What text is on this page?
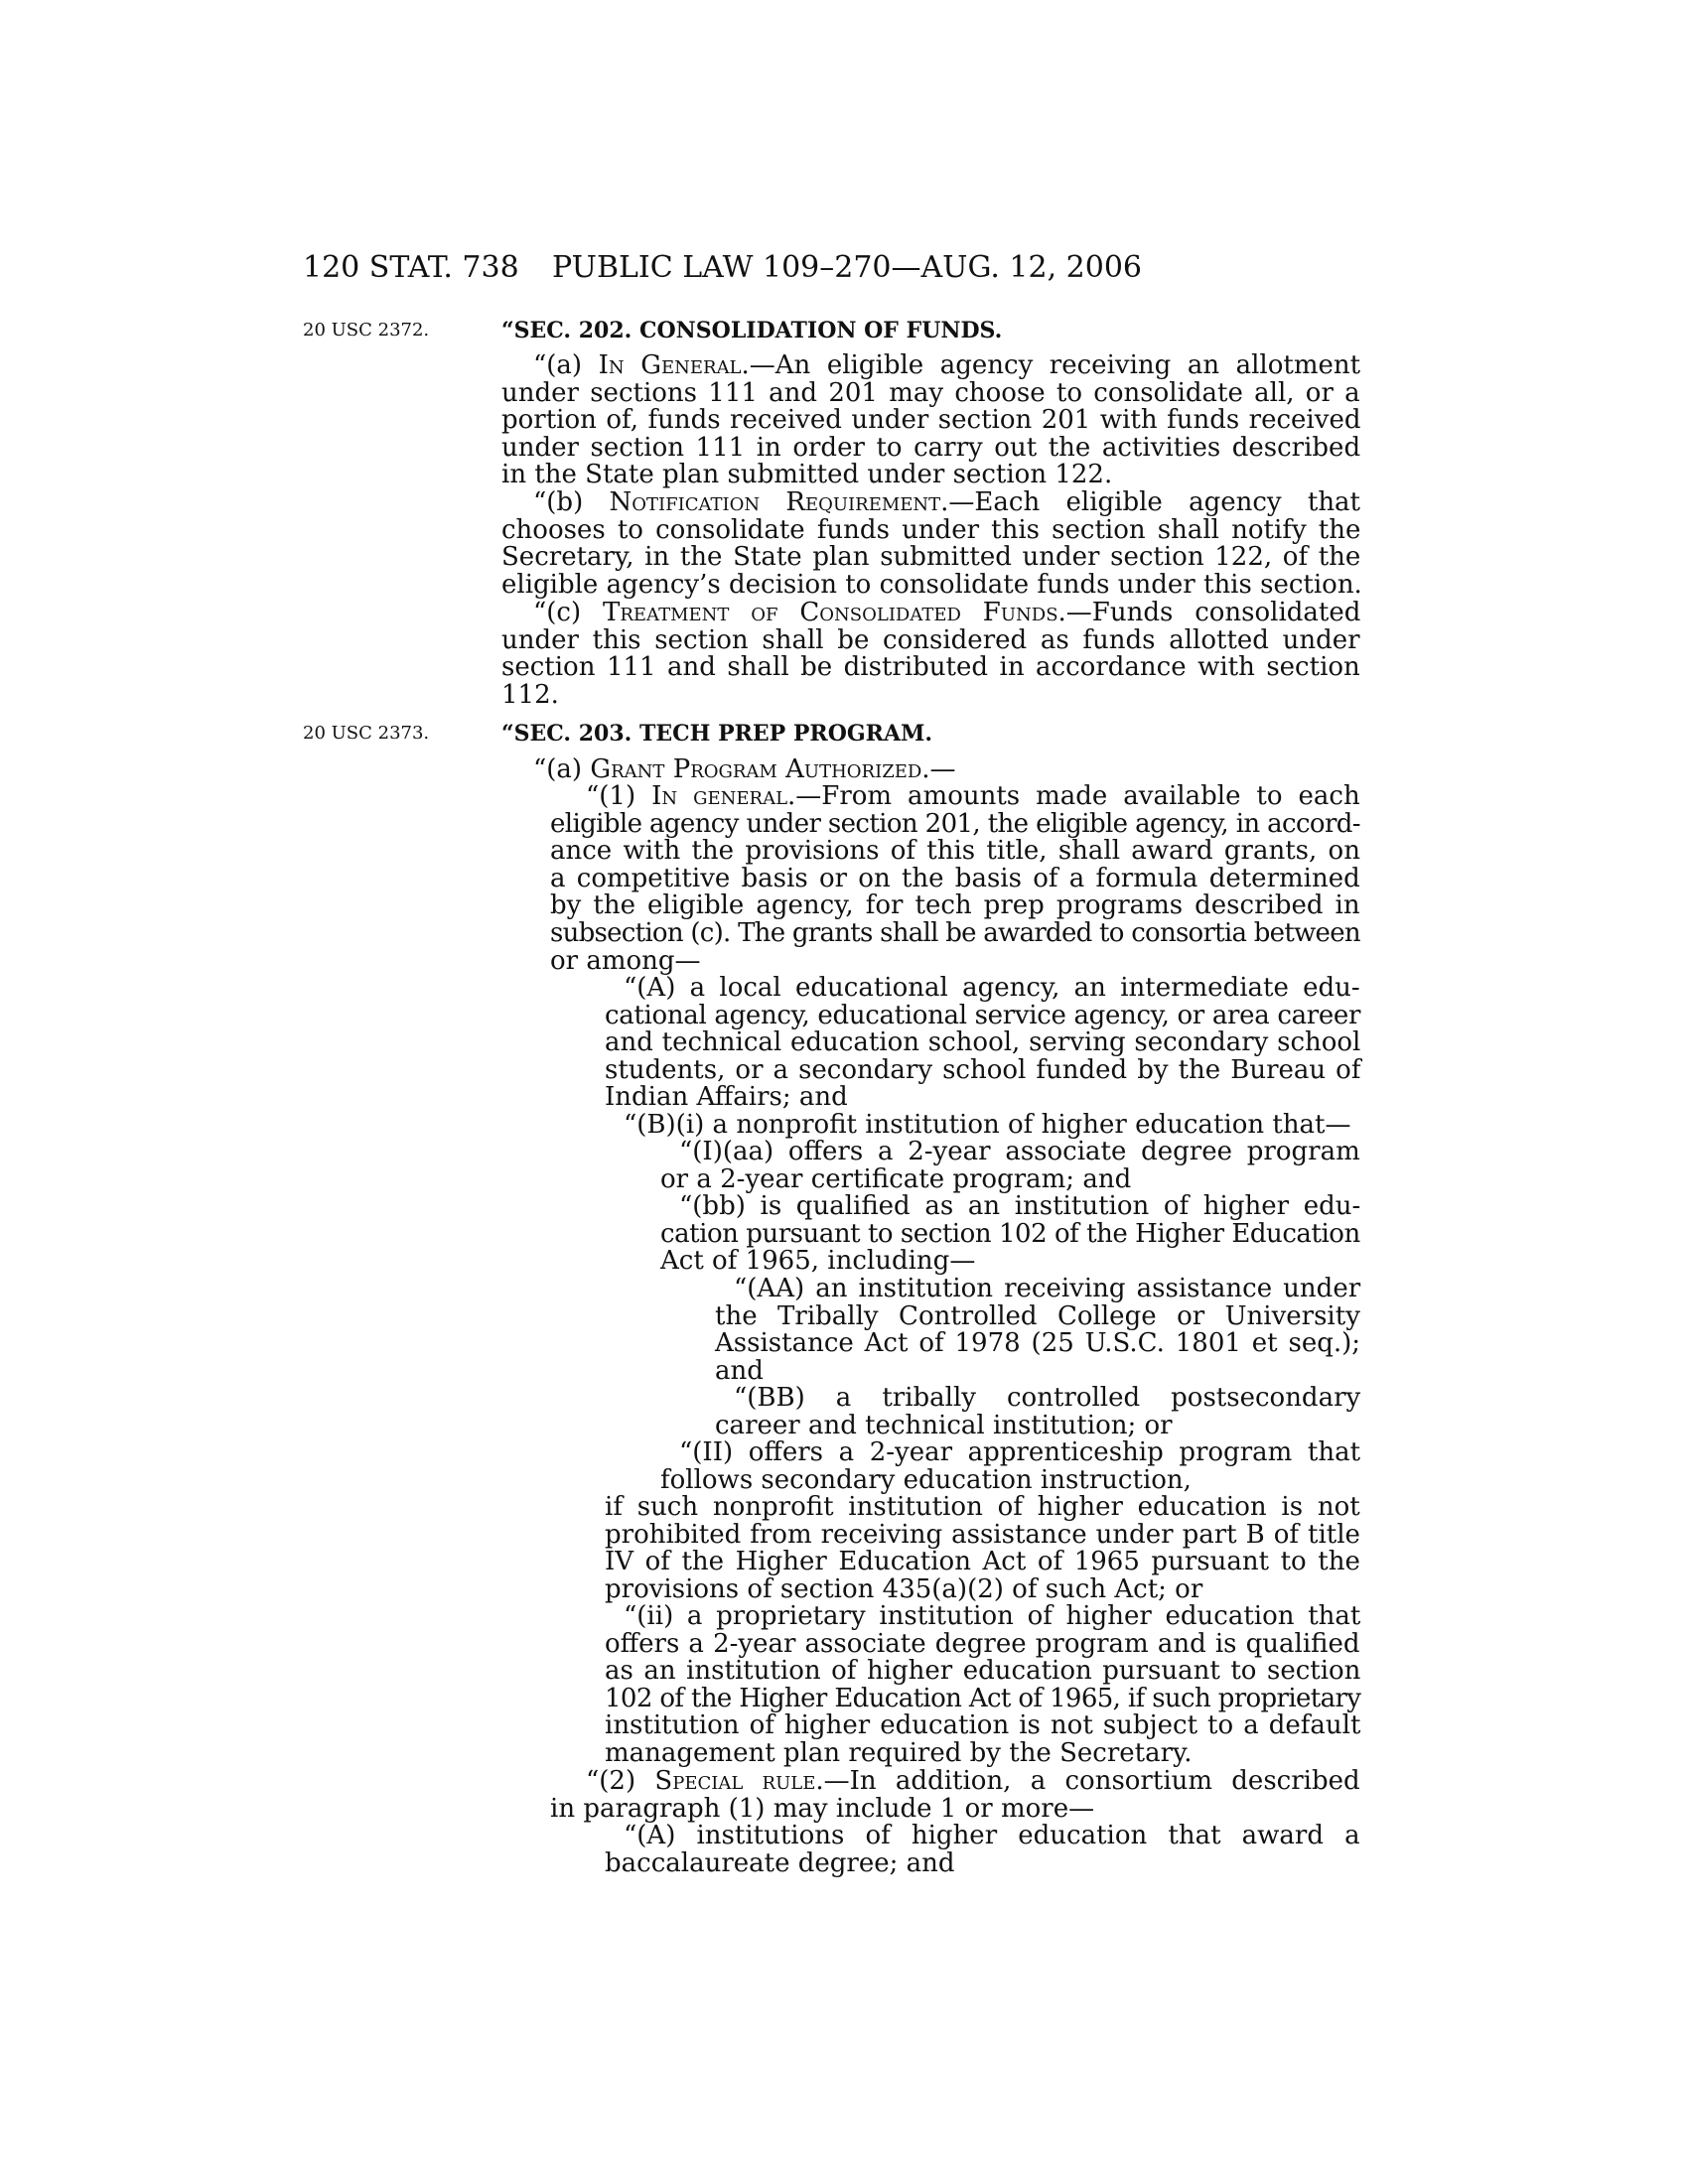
120 STAT. 738 PUBLIC LAW 109–270—AUG. 12, 2006
20 USC 2372.	“SEC. 202. CONSOLIDATION OF FUNDS.
“(a) In General.—An eligible agency receiving an allotment
under sections 111 and 201 may choose to consolidate all, or a
portion of, funds received under section 201 with funds received
under section 111 in order to carry out the activities described
in the State plan submitted under section 122.
“(b) Notification Requirement.—Each eligible agency that
chooses to consolidate funds under this section shall notify the
Secretary, in the State plan submitted under section 122, of the
eligible agency’s decision to consolidate funds under this section.
“(c) Treatment of Consolidated Funds.—Funds consolidated
under this section shall be considered as funds allotted under
section 111 and shall be distributed in accordance with section
112.
20 USC 2373.	“SEC. 203. TECH PREP PROGRAM.
“(a) Grant Program Authorized.—
“(1) In general.—From amounts made available to each
eligible agency under section 201, the eligible agency, in accord-
ance with the provisions of this title, shall award grants, on
a competitive basis or on the basis of a formula determined
by the eligible agency, for tech prep programs described in
subsection (c). The grants shall be awarded to consortia between
or among—
“(A) a local educational agency, an intermediate edu-
cational agency, educational service agency, or area career
and technical education school, serving secondary school
students, or a secondary school funded by the Bureau of
Indian Affairs; and
“(B)(i) a nonprofit institution of higher education that—
“(I)(aa) offers a 2-year associate degree program
or a 2-year certificate program; and
“(bb) is qualified as an institution of higher edu-
cation pursuant to section 102 of the Higher Education
Act of 1965, including—
“(AA) an institution receiving assistance under
the Tribally Controlled College or University
Assistance Act of 1978 (25 U.S.C. 1801 et seq.);
and
“(BB) a tribally controlled postsecondary
career and technical institution; or
“(II) offers a 2-year apprenticeship program that
follows secondary education instruction,
if such nonprofit institution of higher education is not
prohibited from receiving assistance under part B of title
IV of the Higher Education Act of 1965 pursuant to the
provisions of section 435(a)(2) of such Act; or
“(ii) a proprietary institution of higher education that
offers a 2-year associate degree program and is qualified
as an institution of higher education pursuant to section
102 of the Higher Education Act of 1965, if such proprietary
institution of higher education is not subject to a default
management plan required by the Secretary.
“(2) Special rule.—In addition, a consortium described
in paragraph (1) may include 1 or more—
“(A) institutions of higher education that award a
baccalaureate degree; and
